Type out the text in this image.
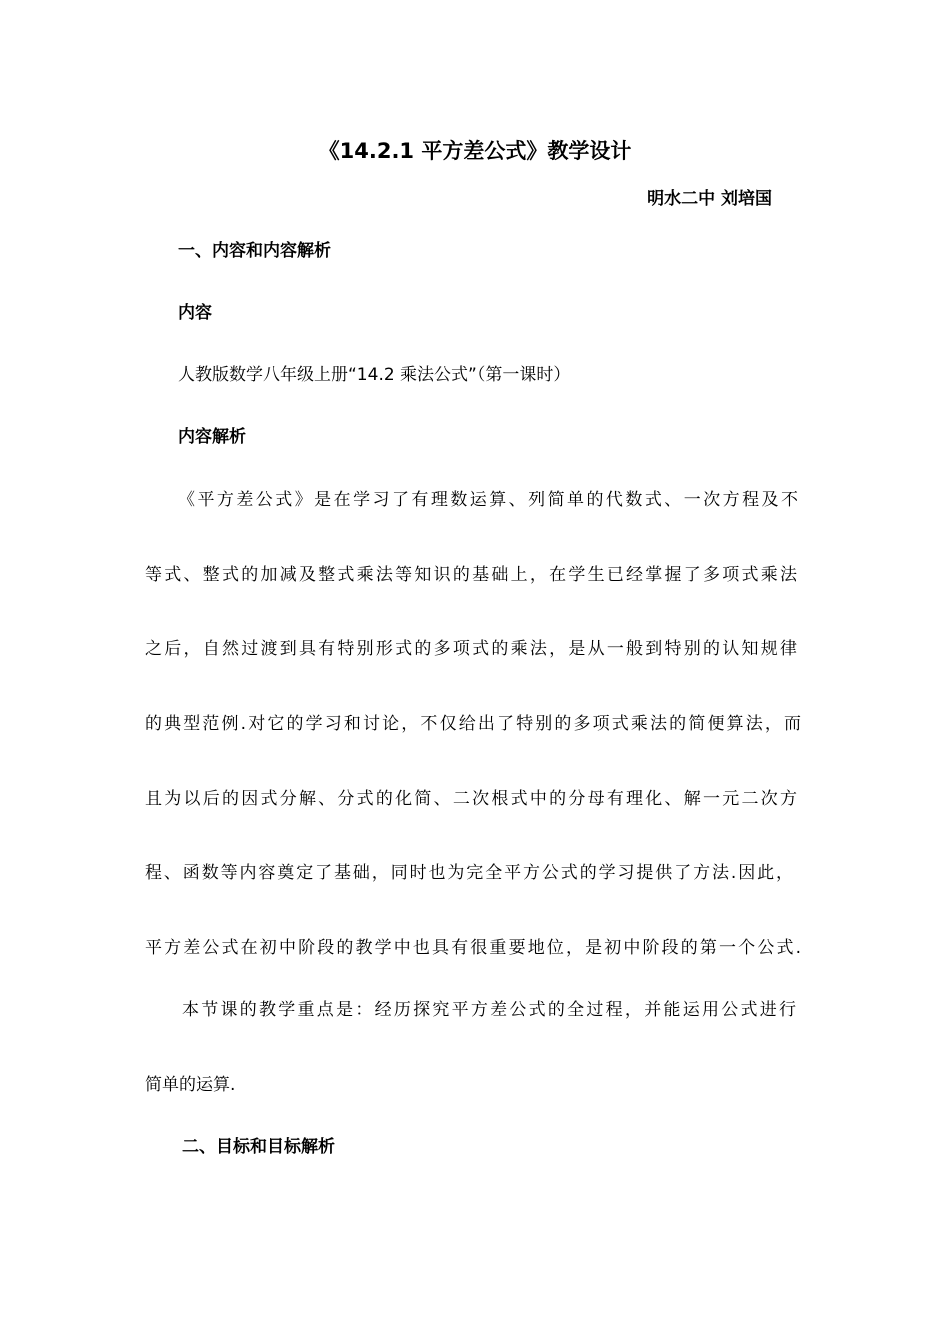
《14.2.1 平方差公式》教学设计
明水二中 刘培国
一、内容和内容解析
内容
人教版数学八年级上册“14.2 乘法公式”（第一课时）
内容解析
《平方差公式》是在学习了有理数运算、列简单的代数式、一次方程及不
等式、整式的加减及整式乘法等知识的基础上，在学生已经掌握了多项式乘法
之后，自然过渡到具有特别形式的多项式的乘法，是从一般到特别的认知规律
的典型范例.对它的学习和讨论，不仅给出了特别的多项式乘法的简便算法，而
且为以后的因式分解、分式的化简、二次根式中的分母有理化、解一元二次方
程、函数等内容奠定了基础，同时也为完全平方公式的学习提供了方法.因此，
平方差公式在初中阶段的教学中也具有很重要地位，是初中阶段的第一个公式.
本节课的教学重点是：经历探究平方差公式的全过程，并能运用公式进行
简单的运算.
二、目标和目标解析
